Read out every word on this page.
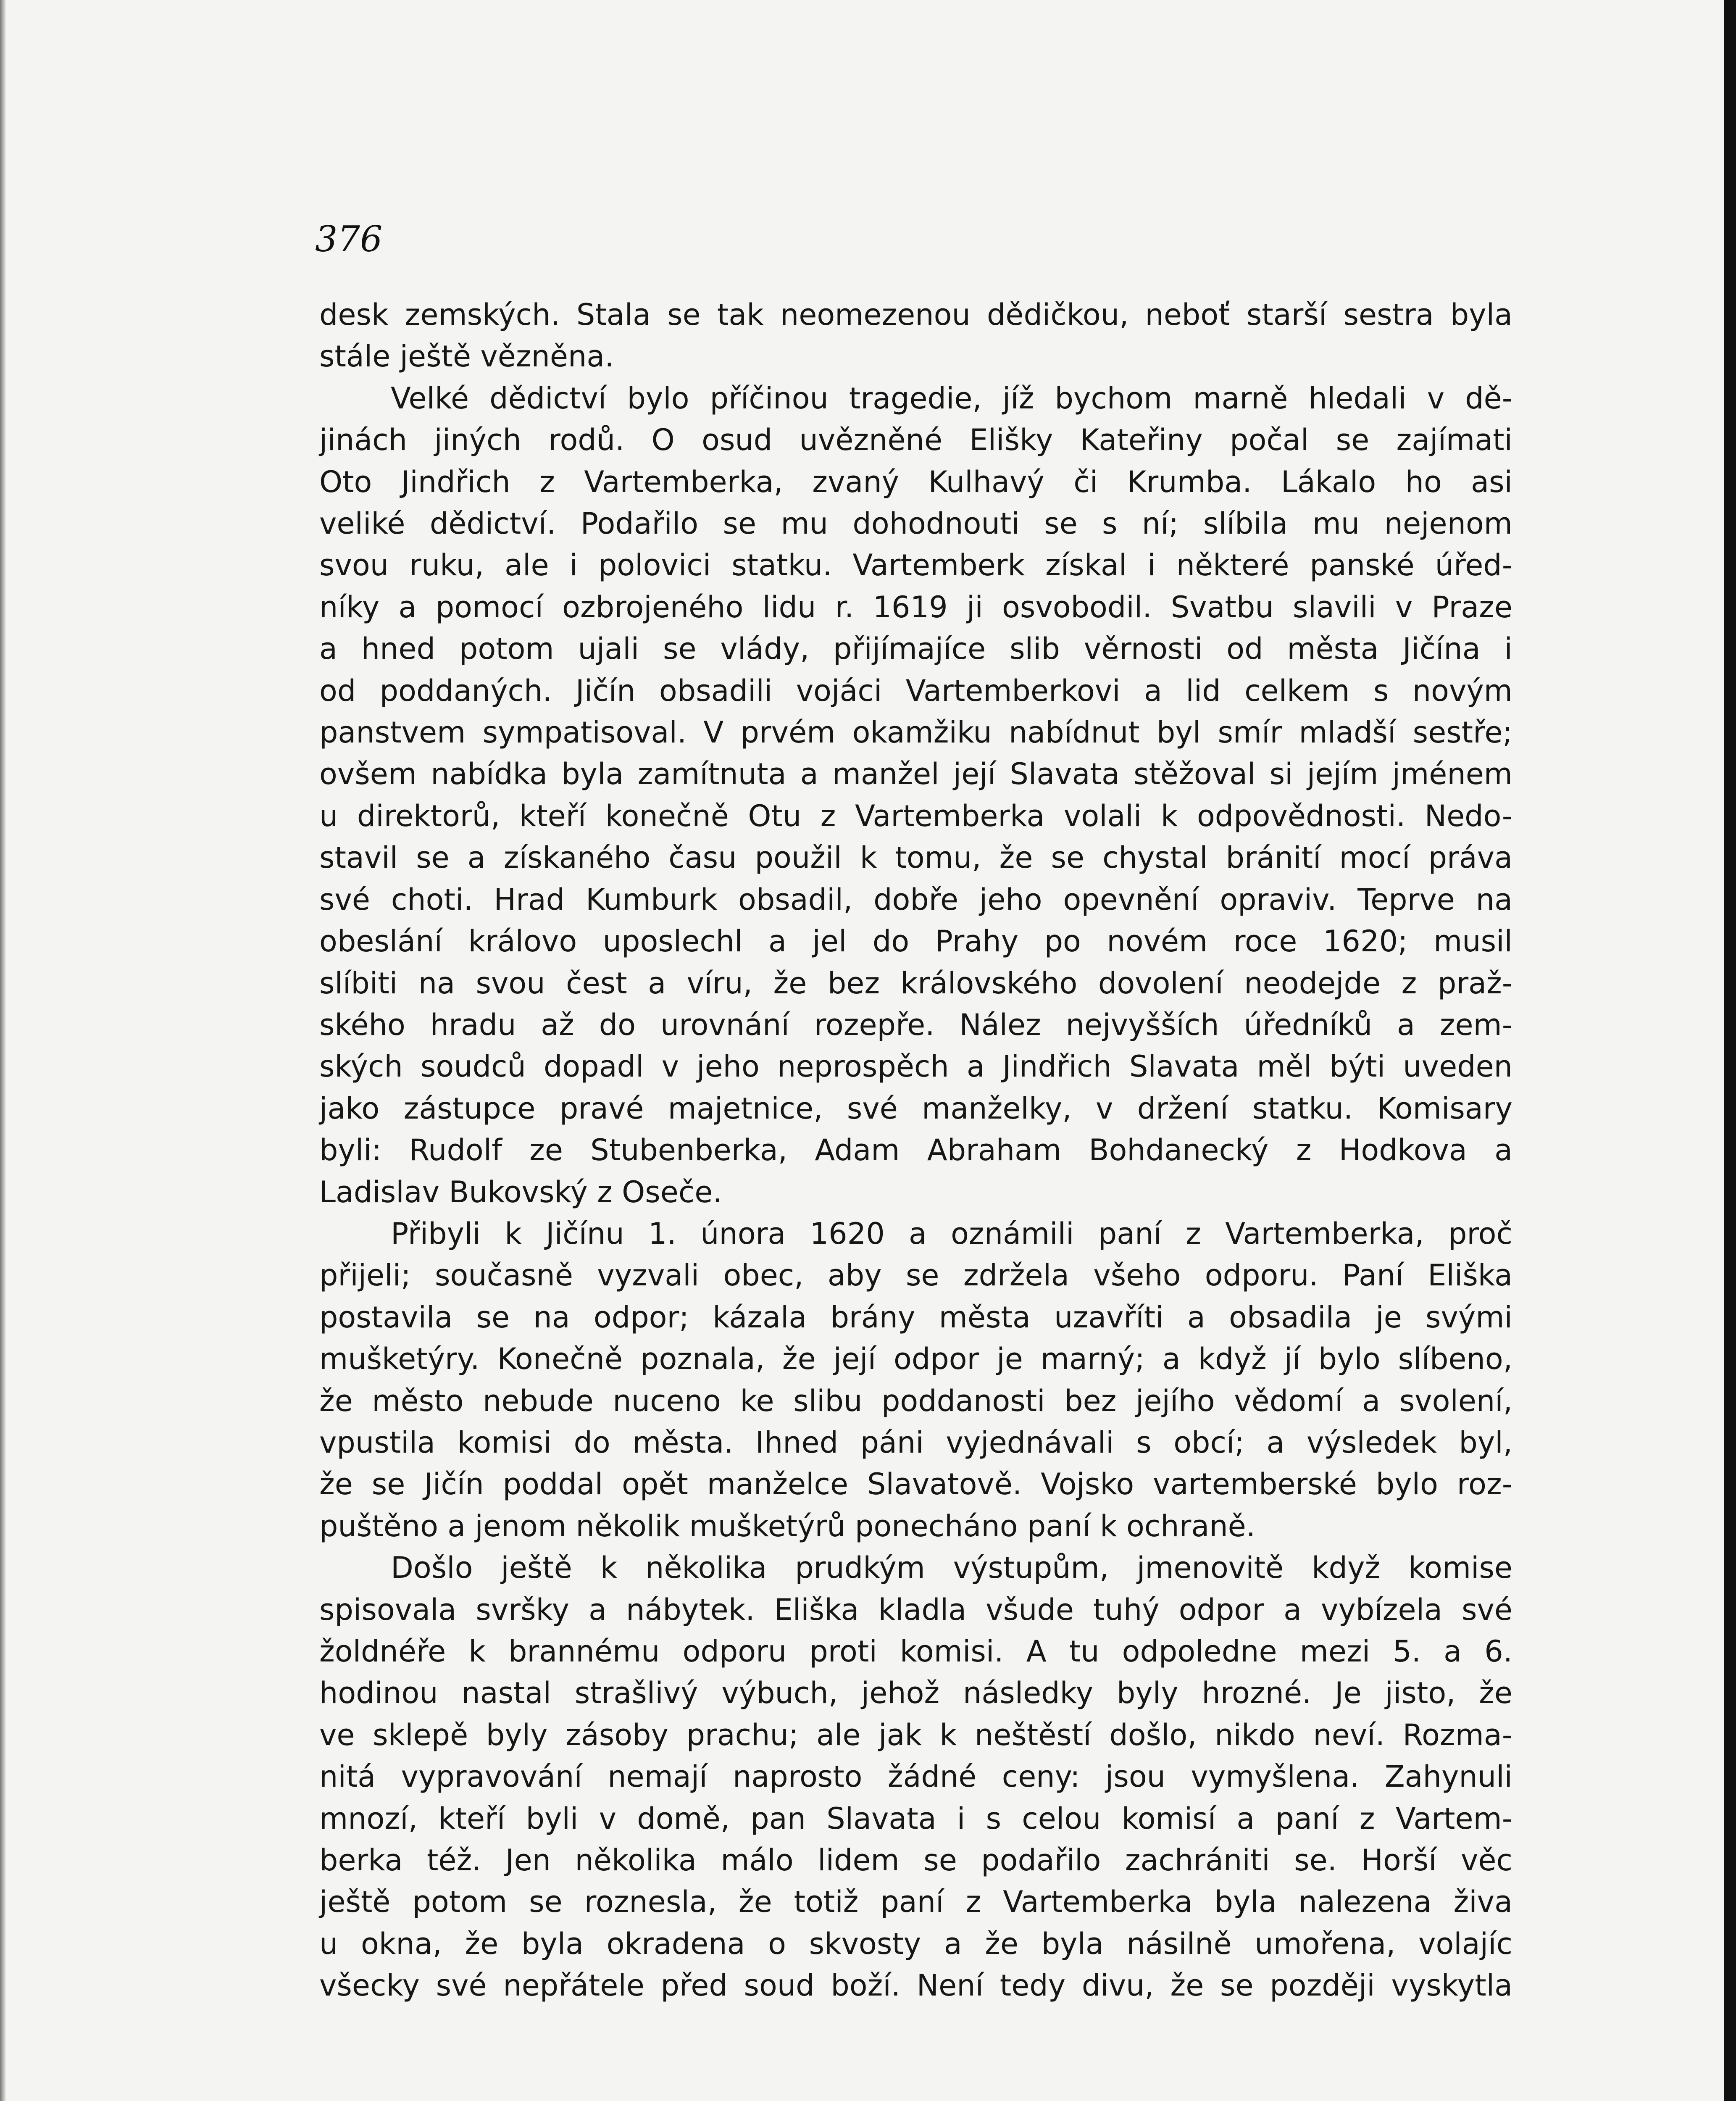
376

desk zemských. Stala se tak neomezenou dědičkou, neboť starší sestra byla
stále ještě vězněna.

Velké dědictví bylo příčinou tragedie, jíž bychom marně hledali v dě-
jinách jiných rodů. O osud uvězněné Elišky Kateřiny počal se zajímati
Oto Jindřich z Vartemberka, zvaný Kulhavý či Krumba. Lákalo ho asi
veliké dědictví. Podařilo se mu dohodnouti se s ní; slíbila mu nejenom
svou ruku, ale i polovici statku. Vartemberk získal i některé panské úřed-
níky a pomocí ozbrojeného lidu r. 1619 ji osvobodil. Svatbu slavili v Praze
a hned potom ujali se vlády, přijímajíce slib věrnosti od města Jičína i
od poddaných. Jičín obsadili vojáci Vartemberkovi a lid celkem s novým
panstvem sympatisoval. V prvém okamžiku nabídnut byl smír mladší sestře;
ovšem nabídka byla zamítnuta a manžel její Slavata stěžoval si jejím jménem
u direktorů, kteří konečně Otu z Vartemberka volali k odpovědnosti. Nedo-
stavil se a získaného času použil k tomu, že se chystal bránití mocí práva
své choti. Hrad Kumburk obsadil, dobře jeho opevnění opraviv. Teprve na
obeslání královo uposlechl a jel do Prahy po novém roce 1620; musil
slíbiti na svou čest a víru, že bez královského dovolení neodejde z praž-
ského hradu až do urovnání rozepře. Nález nejvyšších úředníků a zem-
ských soudců dopadl v jeho neprospěch a Jindřich Slavata měl býti uveden
jako zástupce pravé majetnice, své manželky, v držení statku. Komisary
byli: Rudolf ze Stubenberka, Adam Abraham Bohdanecký z Hodkova a
Ladislav Bukovský z Oseče.

Přibyli k Jičínu 1. února 1620 a oznámili paní z Vartemberka, proč
přijeli; současně vyzvali obec, aby se zdržela všeho odporu. Paní Eliška
postavila se na odpor; kázala brány města uzavříti a obsadila je svými
mušketýry. Konečně poznala, že její odpor je marný; a když jí bylo slíbeno,
že město nebude nuceno ke slibu poddanosti bez jejího vědomí a svolení,
vpustila komisi do města. Ihned páni vyjednávali s obcí; a výsledek byl,
že se Jičín poddal opět manželce Slavatově. Vojsko vartemberské bylo roz-
puštěno a jenom několik mušketýrů ponecháno paní k ochraně.

Došlo ještě k několika prudkým výstupům, jmenovitě když komise
spisovala svršky a nábytek. Eliška kladla všude tuhý odpor a vybízela své
žoldnéře k brannému odporu proti komisi. A tu odpoledne mezi 5. a 6.
hodinou nastal strašlivý výbuch, jehož následky byly hrozné. Je jisto, že
ve sklepě byly zásoby prachu; ale jak k neštěstí došlo, nikdo neví. Rozma-
nitá vypravování nemají naprosto žádné ceny: jsou vymyšlena. Zahynuli
mnozí, kteří byli v domě, pan Slavata i s celou komisí a paní z Vartem-
berka též. Jen několika málo lidem se podařilo zachrániti se. Horší věc
ještě potom se roznesla, že totiž paní z Vartemberka byla nalezena živa
u okna, že byla okradena o skvosty a že byla násilně umořena, volajíc
všecky své nepřátele před soud boží. Není tedy divu, že se později vyskytla
